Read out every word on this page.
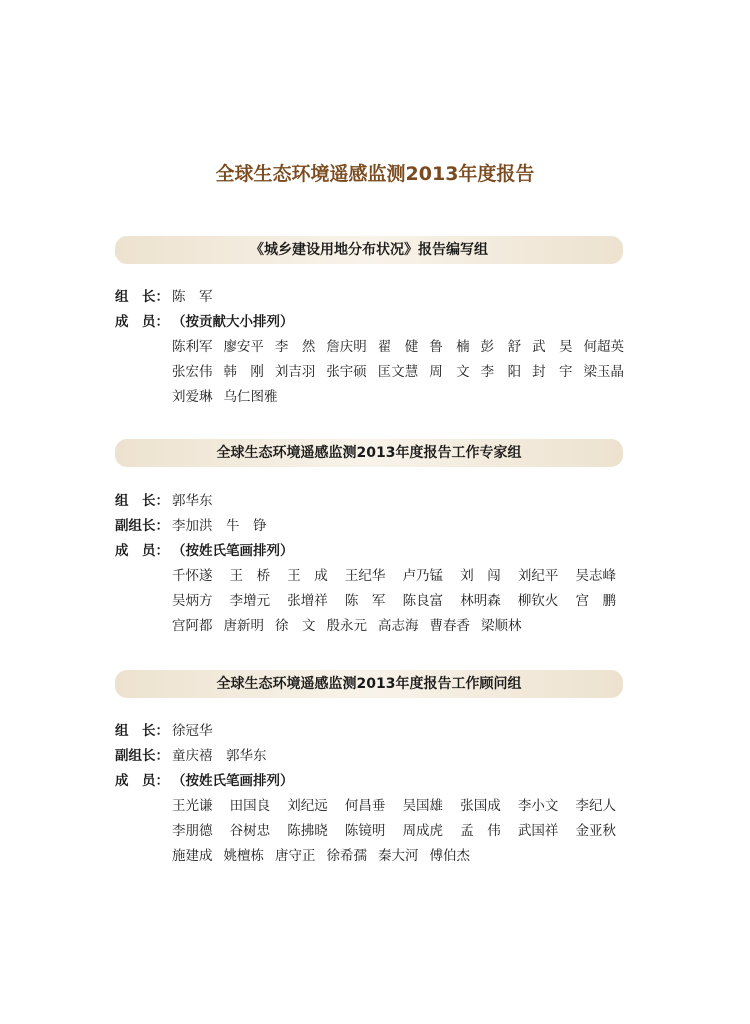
全球生态环境遥感监测2013年度报告
《城乡建设用地分布状况》报告编写组
组　长： 陈　军
成　员： （按贡献大小排列）
陈利军 廖安平 李　然 詹庆明 翟　健 鲁　楠 彭　舒 武　昊 何超英
张宏伟 韩　刚 刘吉羽 张宇硕 匡文慧 周　文 李　阳 封　宇 梁玉晶
刘爱琳 乌仁图雅
全球生态环境遥感监测2013年度报告工作专家组
组　长： 郭华东
副组长： 李加洪　牛　铮
成　员： （按姓氏笔画排列）
千怀遂 王　桥 王　成 王纪华 卢乃锰 刘　闯 刘纪平 吴志峰
吴炳方 李增元 张增祥 陈　军 陈良富 林明森 柳钦火 宫　鹏
宫阿都 唐新明 徐　文 殷永元 高志海 曹春香 梁顺林
全球生态环境遥感监测2013年度报告工作顾问组
组　长： 徐冠华
副组长： 童庆禧　郭华东
成　员： （按姓氏笔画排列）
王光谦 田国良 刘纪远 何昌垂 吴国雄 张国成 李小文 李纪人
李朋德 谷树忠 陈拂晓 陈镜明 周成虎 孟　伟 武国祥 金亚秋
施建成 姚檀栋 唐守正 徐希孺 秦大河 傅伯杰
